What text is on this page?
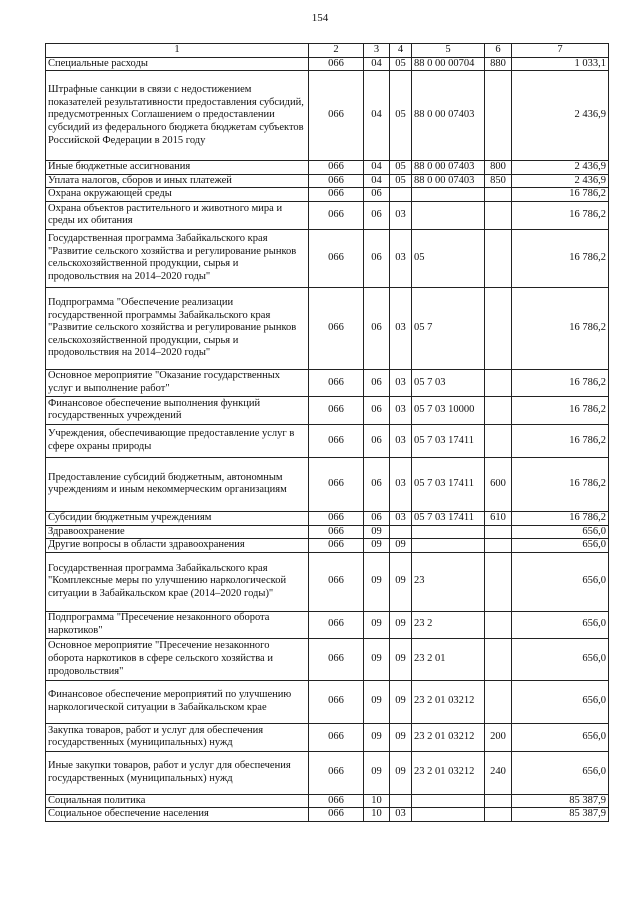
154
1	2	3	4	5	6	7
Специальные расходы	066	04	05	88 0 00 00704	880	1 033,1
Штрафные санкции в связи с недостижением показателей результативности предоставления субсидий, предусмотренных Соглашением о предоставлении субсидий из федерального бюджета бюджетам субъектов Российской Федерации в 2015 году	066	04	05	88 0 00 07403		2 436,9
Иные бюджетные ассигнования	066	04	05	88 0 00 07403	800	2 436,9
Уплата налогов, сборов и иных платежей	066	04	05	88 0 00 07403	850	2 436,9
Охрана окружающей среды	066	06				16 786,2
Охрана объектов растительного и животного мира и среды их обитания	066	06	03			16 786,2
Государственная программа Забайкальского края "Развитие сельского хозяйства и регулирование рынков сельскохозяйственной продукции, сырья и продовольствия на 2014–2020 годы"	066	06	03	05		16 786,2
Подпрограмма "Обеспечение реализации государственной программы Забайкальского края "Развитие сельского хозяйства и регулирование рынков сельскохозяйственной продукции, сырья и продовольствия на 2014–2020 годы"	066	06	03	05 7		16 786,2
Основное мероприятие "Оказание государственных услуг и выполнение работ"	066	06	03	05 7 03		16 786,2
Финансовое обеспечение выполнения функций государственных учреждений	066	06	03	05 7 03 10000		16 786,2
Учреждения, обеспечивающие предоставление услуг в сфере охраны природы	066	06	03	05 7 03 17411		16 786,2
Предоставление субсидий бюджетным, автономным учреждениям и иным некоммерческим организациям	066	06	03	05 7 03 17411	600	16 786,2
Субсидии бюджетным учреждениям	066	06	03	05 7 03 17411	610	16 786,2
Здравоохранение	066	09				656,0
Другие вопросы в области здравоохранения	066	09	09			656,0
Государственная программа Забайкальского края "Комплексные меры по улучшению наркологической ситуации в Забайкальском крае (2014–2020 годы)"	066	09	09	23		656,0
Подпрограмма "Пресечение незаконного оборота наркотиков"	066	09	09	23 2		656,0
Основное мероприятие "Пресечение незаконного оборота наркотиков в сфере сельского хозяйства и продовольствия"	066	09	09	23 2 01		656,0
Финансовое обеспечение мероприятий по улучшению наркологической ситуации в Забайкальском крае	066	09	09	23 2 01 03212		656,0
Закупка товаров, работ и услуг для обеспечения государственных (муниципальных) нужд	066	09	09	23 2 01 03212	200	656,0
Иные закупки товаров, работ и услуг для обеспечения государственных (муниципальных) нужд	066	09	09	23 2 01 03212	240	656,0
Социальная политика	066	10				85 387,9
Социальное обеспечение населения	066	10	03			85 387,9
